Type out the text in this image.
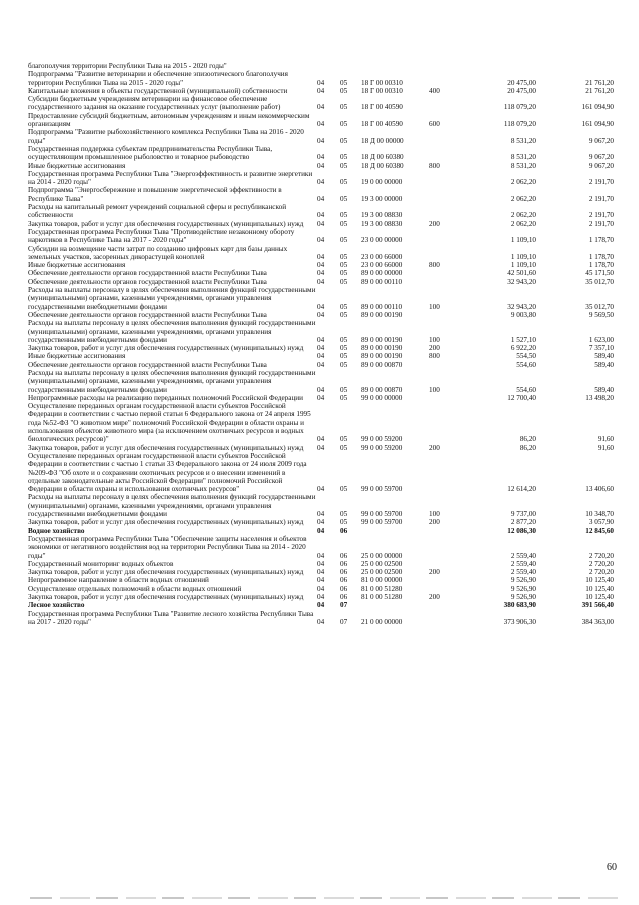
благополучия территории Республики Тыва на 2015 - 2020 годы"						
Подпрограмма "Развитие ветеринарии и обеспечение эпизоотического благополучия территории Республики Тыва на 2015 - 2020 годы"	04	05	18 Г 00 00310		20 475,00	21 761,20
Капитальные вложения в объекты государственной (муниципальной) собственности	04	05	18 Г 00 00310	400	20 475,00	21 761,20
Субсидии бюджетным учреждениям ветеринарии на финансовое обеспечение государственного задания на оказание государственных услуг (выполнение работ)	04	05	18 Г 00 40590		118 079,20	161 094,90
Предоставление субсидий бюджетным, автономным учреждениям и иным некоммерческим организациям	04	05	18 Г 00 40590	600	118 079,20	161 094,90
Подпрограмма "Развитие рыбохозяйственного комплекса Республики Тыва на 2016 - 2020 годы"	04	05	18 Д 00 00000		8 531,20	9 067,20
Государственная поддержка субъектам предпринимательства Республики Тыва, осуществляющим промышленное рыболовство и товарное рыбоводство	04	05	18 Д 00 60380		8 531,20	9 067,20
Иные бюджетные ассигнования	04	05	18 Д 00 60380	800	8 531,20	9 067,20
Государственная программа Республики Тыва "Энергоэффективность и развитие энергетики на 2014 - 2020 годы"	04	05	19 0 00 00000		2 062,20	2 191,70
Подпрограмма "Энергосбережение и повышение энергетической эффективности в Республике Тыва"	04	05	19 3 00 00000		2 062,20	2 191,70
Расходы на капитальный ремонт учреждений социальной сферы и республиканской собственности	04	05	19 3 00 08830		2 062,20	2 191,70
Закупка товаров, работ и услуг для обеспечения государственных (муниципальных) нужд	04	05	19 3 00 08830	200	2 062,20	2 191,70
Государственная программа Республики Тыва "Противодействие незаконному обороту наркотиков в Республике Тыва на 2017 - 2020 годы"	04	05	23 0 00 00000		1 109,10	1 178,70
Субсидии на возмещение части затрат по созданию цифровых карт для базы данных земельных участков, засоренных дикорастущей коноплей	04	05	23 0 00 66000		1 109,10	1 178,70
Иные бюджетные ассигнования	04	05	23 0 00 66000	800	1 109,10	1 178,70
Обеспечение деятельности органов государственной власти Республики Тыва	04	05	89 0 00 00000		42 501,60	45 171,50
Обеспечение деятельности органов государственной власти Республики Тыва	04	05	89 0 00 00110		32 943,20	35 012,70
Расходы на выплаты персоналу в целях обеспечения выполнения функций государственными (муниципальными) органами, казенными учреждениями, органами управления государственными внебюджетными фондами	04	05	89 0 00 00110	100	32 943,20	35 012,70
Обеспечение деятельности органов государственной власти Республики Тыва	04	05	89 0 00 00190		9 003,80	9 569,50
Расходы на выплаты персоналу в целях обеспечения выполнения функций государственными (муниципальными) органами, казенными учреждениями, органами управления государственными внебюджетными фондами	04	05	89 0 00 00190	100	1 527,10	1 623,00
Закупка товаров, работ и услуг для обеспечения государственных (муниципальных) нужд	04	05	89 0 00 00190	200	6 922,20	7 357,10
Иные бюджетные ассигнования	04	05	89 0 00 00190	800	554,50	589,40
Обеспечение деятельности органов государственной власти Республики Тыва	04	05	89 0 00 00870		554,60	589,40
Расходы на выплаты персоналу в целях обеспечения выполнения функций государственными (муниципальными) органами, казенными учреждениями, органами управления государственными внебюджетными фондами	04	05	89 0 00 00870	100	554,60	589,40
Непрограммные расходы на реализацию переданных полномочий Российской Федерации	04	05	99 0 00 00000		12 700,40	13 498,20
Осуществление переданных органам государственной власти субъектов Российской Федерации в соответствии с частью первой статьи 6 Федерального закона от 24 апреля 1995 года №52-ФЗ "О животном мире" полномочий Российской Федерации в области охраны и использования объектов животного мира (за исключением охотничьих ресурсов и водных биологических ресурсов)"	04	05	99 0 00 59200		86,20	91,60
Закупка товаров, работ и услуг для обеспечения государственных (муниципальных) нужд	04	05	99 0 00 59200	200	86,20	91,60
Осуществление переданных органам государственной власти субъектов Российской Федерации в соответствии с частью 1 статьи 33 Федерального закона от 24 июля 2009 года №209-ФЗ "Об охоте и о сохранении охотничьих ресурсов и о внесении изменений в отдельные законодательные акты Российской Федерации" полномочий Российской Федерации в области охраны и использования охотничьих ресурсов"	04	05	99 0 00 59700		12 614,20	13 406,60
Расходы на выплаты персоналу в целях обеспечения выполнения функций государственными (муниципальными) органами, казенными учреждениями, органами управления государственными внебюджетными фондами	04	05	99 0 00 59700	100	9 737,00	10 348,70
Закупка товаров, работ и услуг для обеспечения государственных (муниципальных) нужд	04	05	99 0 00 59700	200	2 877,20	3 057,90
Водное хозяйство	04	06			12 086,30	12 845,60
Государственная программа Республики Тыва "Обеспечение защиты населения и объектов экономики от негативного воздействия вод на территории Республики Тыва на 2014 - 2020 годы"	04	06	25 0 00 00000		2 559,40	2 720,20
Государственный мониторинг водных объектов	04	06	25 0 00 02500		2 559,40	2 720,20
Закупка товаров, работ и услуг для обеспечения государственных (муниципальных) нужд	04	06	25 0 00 02500	200	2 559,40	2 720,20
Непрограммное направление в области водных отношений	04	06	81 0 00 00000		9 526,90	10 125,40
Осуществление отдельных полномочий в области водных отношений	04	06	81 0 00 51280		9 526,90	10 125,40
Закупка товаров, работ и услуг для обеспечения государственных (муниципальных) нужд	04	06	81 0 00 51280	200	9 526,90	10 125,40
Лесное хозяйство	04	07			380 683,90	391 566,40
Государственная программа Республики Тыва "Развитие лесного хозяйства Республики Тыва на 2017 - 2020 годы"	04	07	21 0 00 00000		373 906,30	384 363,00
60
